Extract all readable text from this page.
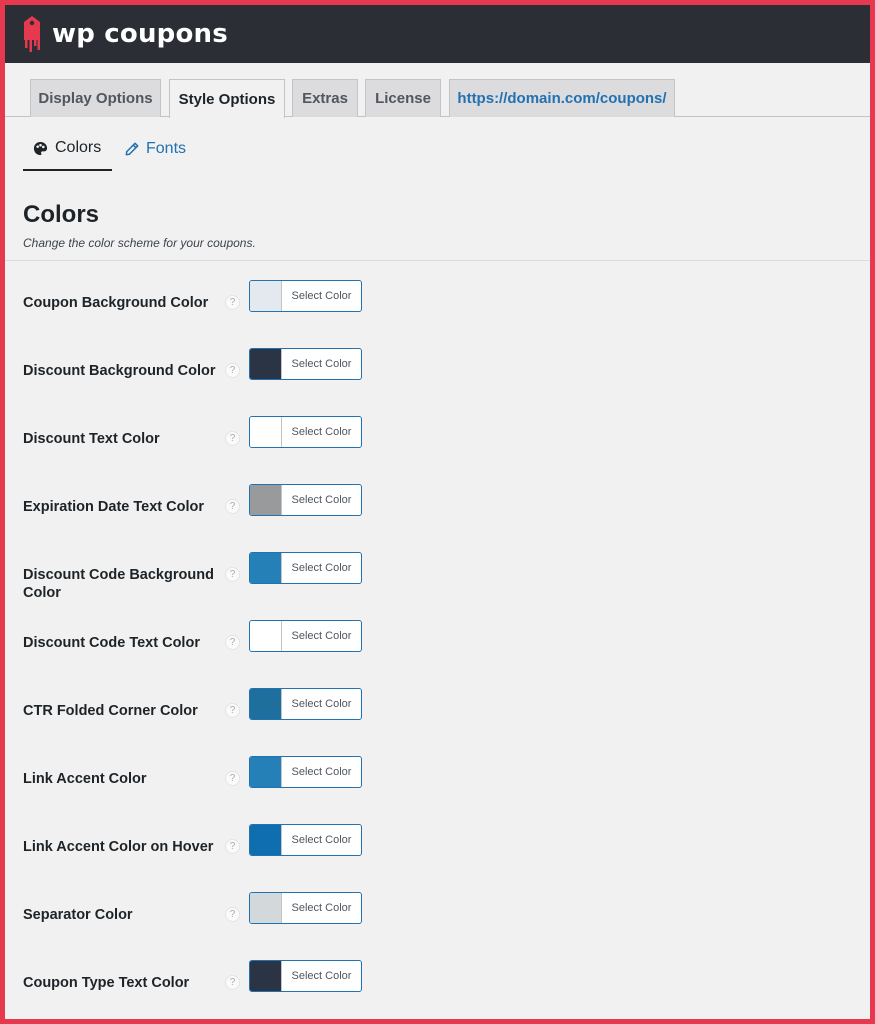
wp coupons
Display Options	Style Options	Extras	License	https://domain.com/coupons/
Colors	Fonts
Colors
Change the color scheme for your coupons.
Coupon Background Color	?
Select Color
Discount Background Color	?
Select Color
Discount Text Color	?
Select Color
Expiration Date Text Color	?
Select Color
Discount Code Background Color
?
Select Color
Discount Code Text Color	?
Select Color
CTR Folded Corner Color	?
Select Color
Link Accent Color	?
Select Color
Link Accent Color on Hover	?
Select Color
Separator Color	?
Select Color
Coupon Type Text Color	?
Select Color
